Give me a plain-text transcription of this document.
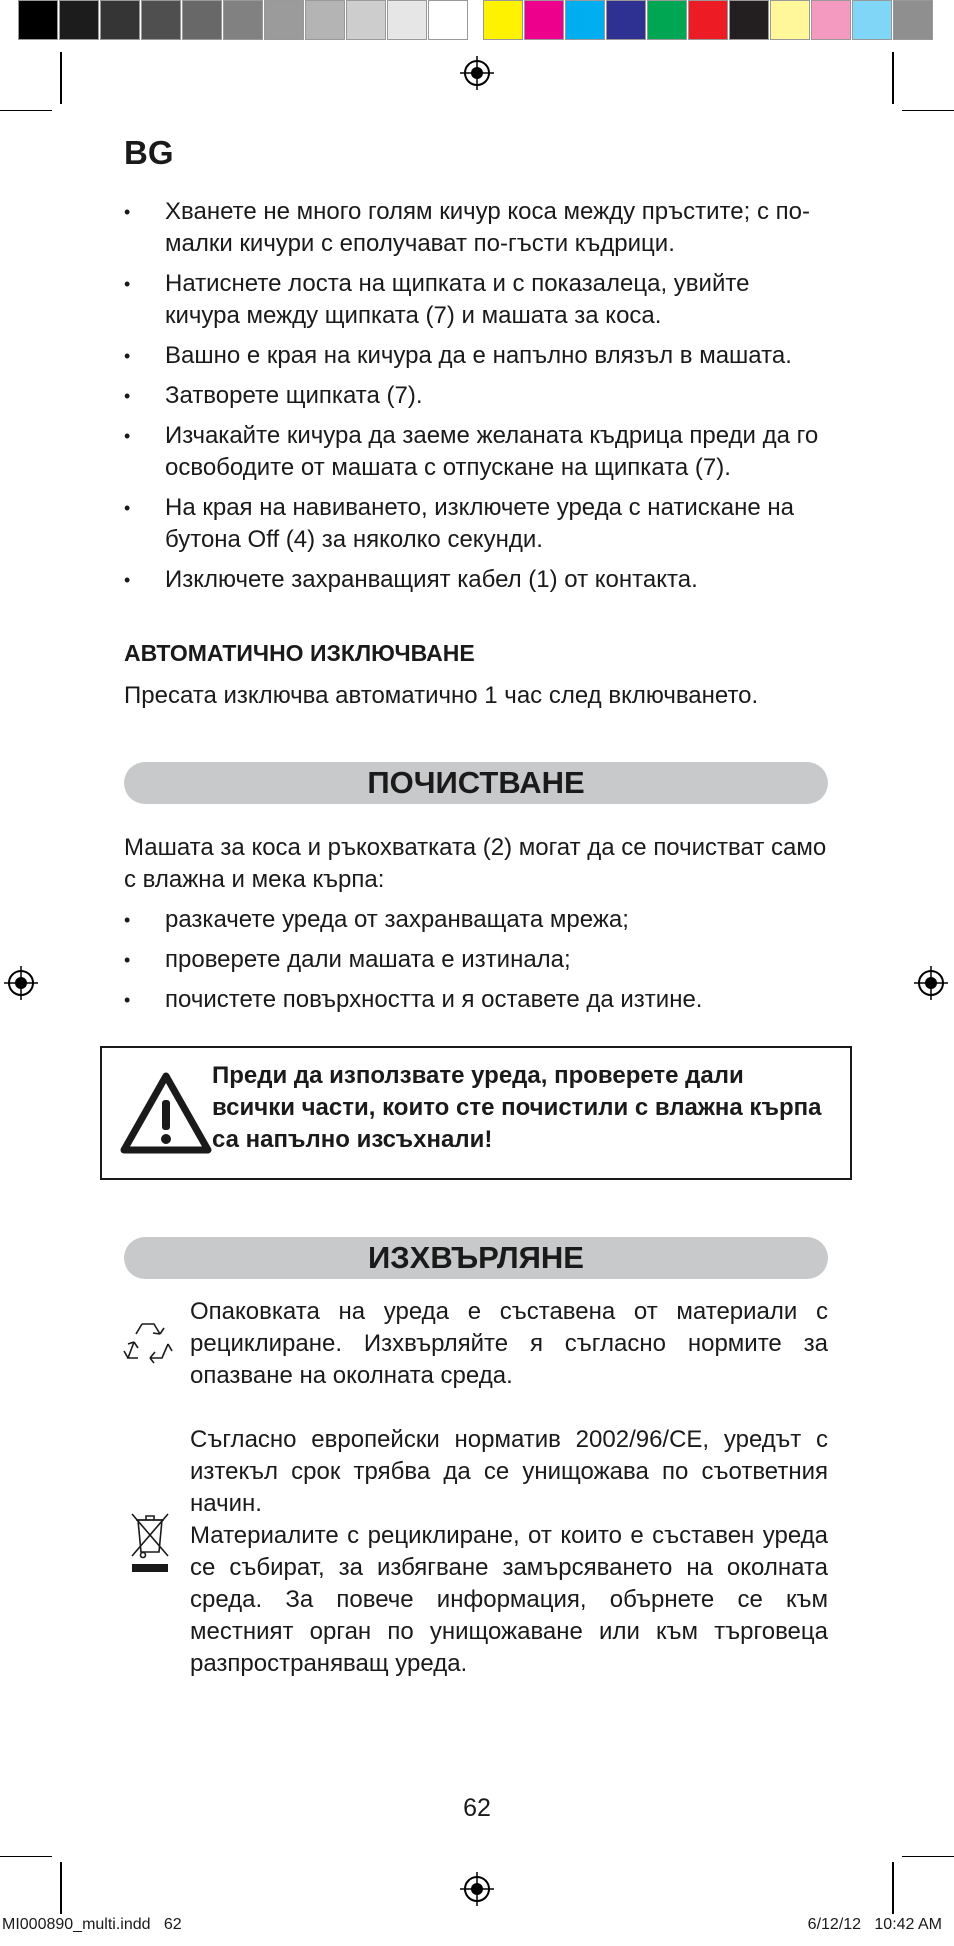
BG
• Хванете не много голям кичур коса между пръстите; с по-малки кичури с еполучават по-гъсти къдрици.
• Натиснете лоста на щипката и с показалеца, увийте кичура между щипката (7) и машата за коса.
• Вашно е края на кичура да е напълно влязъл в машата.
• Затворете щипката (7).
• Изчакайте кичура да заеме желаната къдрица преди да го освободите от машата с отпускане на щипката (7).
• На края на навиването, изключете уреда с натискане на бутона Off (4) за няколко секунди.
• Изключете захранващият кабел (1) от контакта.
АВТОМАТИЧНО ИЗКЛЮЧВАНЕ
Пресата изключва автоматично 1 час след включването.
ПОЧИСТВАНЕ
Машата за коса и ръкохватката (2) могат да се почистват само с влажна и мека кърпа:
• разкачете уреда от захранващата мрежа;
• проверете дали машата е изтинала;
• почистете повърхността и я оставете да изтине.
Преди да използвате уреда, проверете дали всички части, които сте почистили с влажна кърпа са напълно изсъхнали!
ИЗХВЪРЛЯНЕ
Опаковката на уреда е съставена от материали с рециклиране. Изхвърляйте я съгласно нормите за опазване на околната среда.
Съгласно европейски норматив 2002/96/CE, уредът с изтекъл срок трябва да се унищожава по съответния начин.
Материалите с рециклиране, от които е съставен уреда се събират, за избягване замърсяването на околната среда. За повече информация, обърнете се към местният орган по унищожаване или към търговеца разпространяващ уреда.
62
MI000890_multi.indd   62	6/12/12   10:42 AM
